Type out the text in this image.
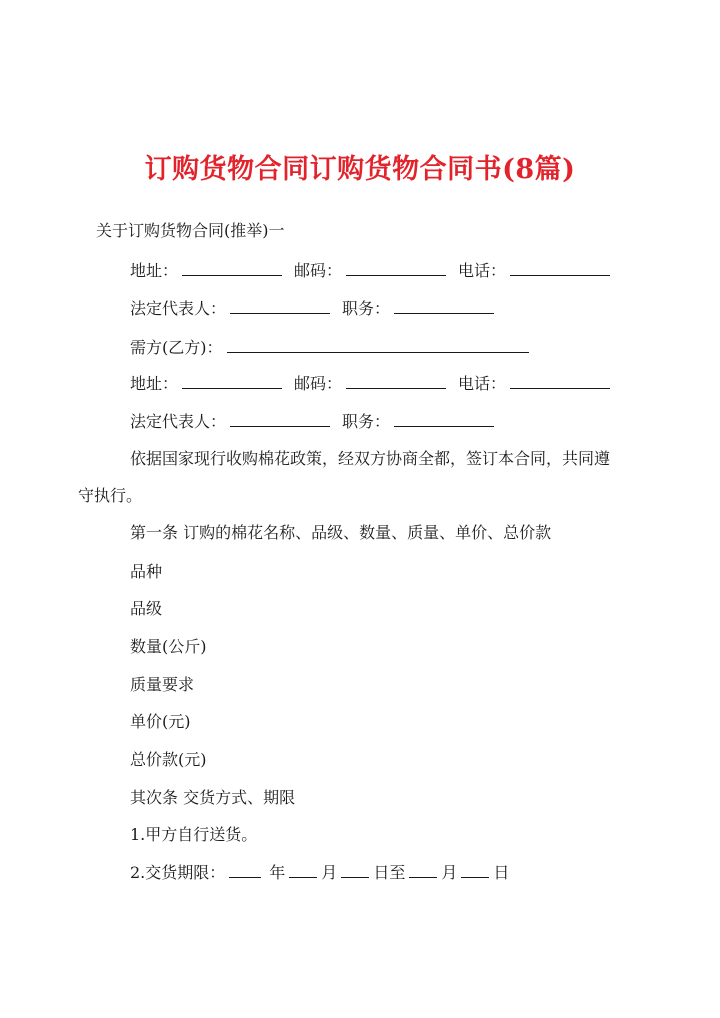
订购货物合同订购货物合同书(8篇)
关于订购货物合同(推举)一
地址：	邮码：	电话：
法定代表人：	职务：
需方(乙方)：
地址：	邮码：	电话：
法定代表人：	职务：
依据国家现行收购棉花政策，经双方协商全都，签订本合同，共同遵
守执行。
第一条 订购的棉花名称、品级、数量、质量、单价、总价款
品种
品级
数量(公斤)
质量要求
单价(元)
总价款(元)
其次条 交货方式、期限
1.甲方自行送货。
2.交货期限：	年 月 日至 月 日
